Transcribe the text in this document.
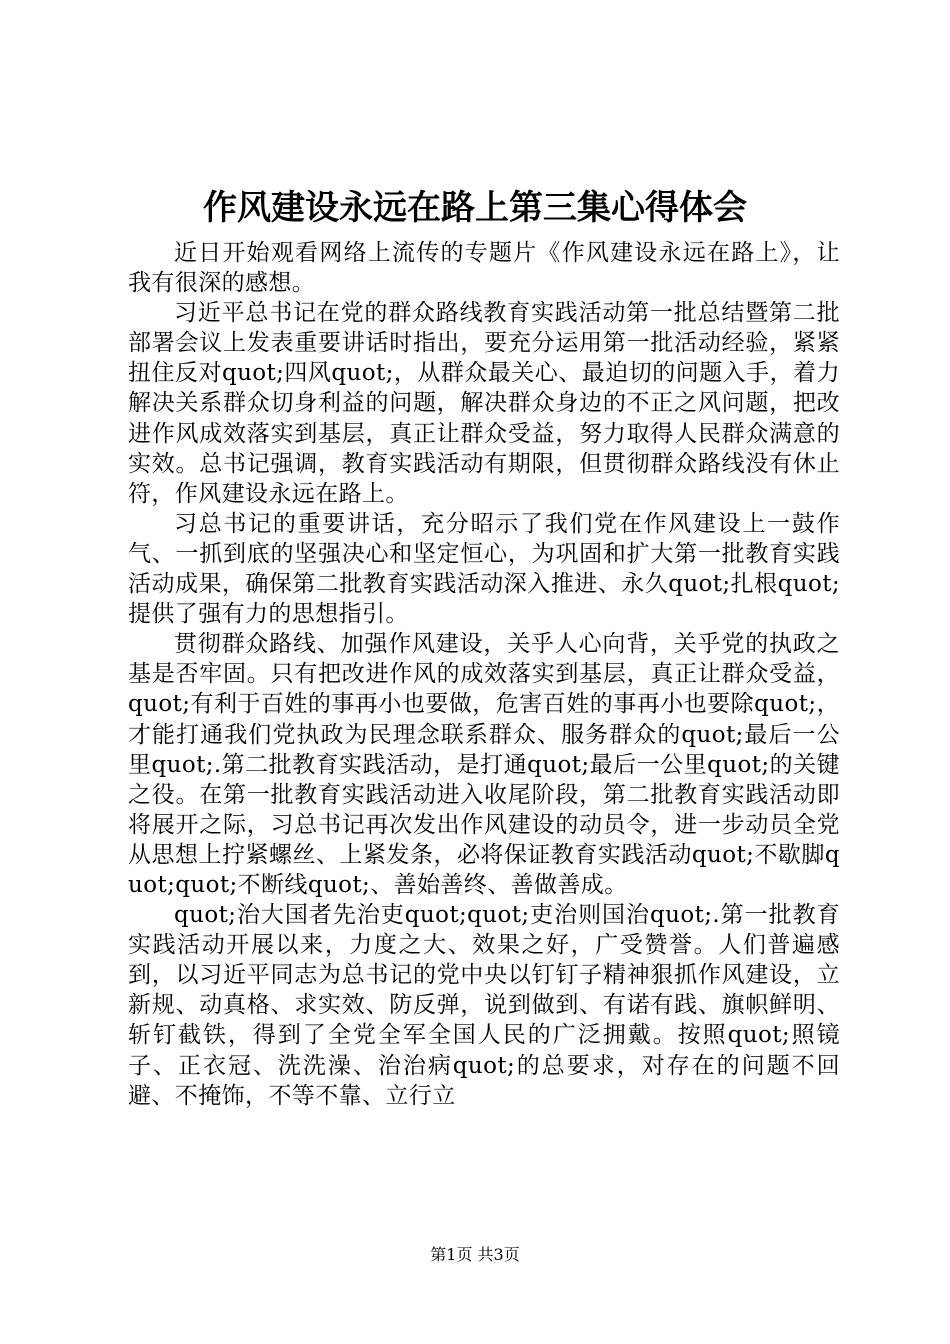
作风建设永远在路上第三集心得体会

近日开始观看网络上流传的专题片《作风建设永远在路上》，让我有很深的感想。

习近平总书记在党的群众路线教育实践活动第一批总结暨第二批部署会议上发表重要讲话时指出，要充分运用第一批活动经验，紧紧扭住反对quot;四风quot;，从群众最关心、最迫切的问题入手，着力解决关系群众切身利益的问题，解决群众身边的不正之风问题，把改进作风成效落实到基层，真正让群众受益，努力取得人民群众满意的实效。总书记强调，教育实践活动有期限，但贯彻群众路线没有休止符，作风建设永远在路上。

习总书记的重要讲话，充分昭示了我们党在作风建设上一鼓作气、一抓到底的坚强决心和坚定恒心，为巩固和扩大第一批教育实践活动成果，确保第二批教育实践活动深入推进、永久quot;扎根quot;提供了强有力的思想指引。

贯彻群众路线、加强作风建设，关乎人心向背，关乎党的执政之基是否牢固。只有把改进作风的成效落实到基层，真正让群众受益，quot;有利于百姓的事再小也要做，危害百姓的事再小也要除quot;，才能打通我们党执政为民理念联系群众、服务群众的quot;最后一公里quot;.第二批教育实践活动，是打通quot;最后一公里quot;的关键之役。在第一批教育实践活动进入收尾阶段，第二批教育实践活动即将展开之际，习总书记再次发出作风建设的动员令，进一步动员全党从思想上拧紧螺丝、上紧发条，必将保证教育实践活动quot;不歇脚quot;quot;不断线quot;、善始善终、善做善成。

quot;治大国者先治吏quot;quot;吏治则国治quot;.第一批教育实践活动开展以来，力度之大、效果之好，广受赞誉。人们普遍感到，以习近平同志为总书记的党中央以钉钉子精神狠抓作风建设，立新规、动真格、求实效、防反弹，说到做到、有诺有践、旗帜鲜明、斩钉截铁，得到了全党全军全国人民的广泛拥戴。按照quot;照镜子、正衣冠、洗洗澡、治治病quot;的总要求，对存在的问题不回避、不掩饰，不等不靠、立行立

第1页 共3页
